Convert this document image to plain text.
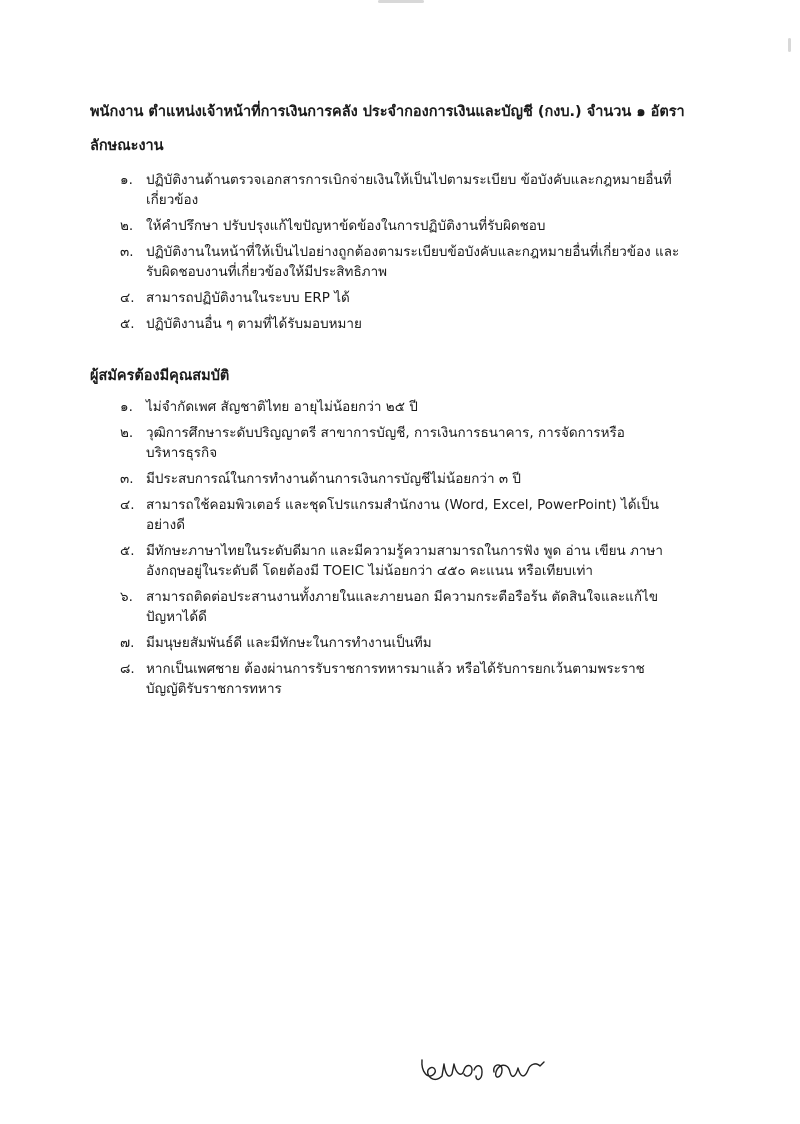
พนักงาน ตำแหน่งเจ้าหน้าที่การเงินการคลัง ประจำกองการเงินและบัญชี (กงบ.) จำนวน ๑ อัตรา
ลักษณะงาน
๑. ปฏิบัติงานด้านตรวจเอกสารการเบิกจ่ายเงินให้เป็นไปตามระเบียบ ข้อบังคับและกฎหมายอื่นที่เกี่ยวข้อง
๒. ให้คำปรึกษา ปรับปรุงแก้ไขปัญหาข้ดข้องในการปฏิบัติงานที่รับผิดชอบ
๓. ปฏิบัติงานในหน้าที่ให้เป็นไปอย่างถูกต้องตามระเบียบข้อบังคับและกฎหมายอื่นที่เกี่ยวข้อง และรับผิดชอบงานที่เกี่ยวข้องให้มีประสิทธิภาพ
๔. สามารถปฏิบัติงานในระบบ ERP ได้
๕. ปฏิบัติงานอื่น ๆ ตามที่ได้รับมอบหมาย
ผู้สมัครต้องมีคุณสมบัติ
๑. ไม่จำกัดเพศ สัญชาติไทย อายุไม่น้อยกว่า ๒๕ ปี
๒. วุฒิการศึกษาระดับปริญญาตรี สาขาการบัญชี, การเงินการธนาคาร, การจัดการหรือบริหารธุรกิจ
๓. มีประสบการณ์ในการทำงานด้านการเงินการบัญชีไม่น้อยกว่า ๓ ปี
๔. สามารถใช้คอมพิวเตอร์ และชุดโปรแกรมสำนักงาน (Word, Excel, PowerPoint) ได้เป็นอย่างดี
๕. มีทักษะภาษาไทยในระดับดีมาก และมีความรู้ความสามารถในการฟัง พูด อ่าน เขียน ภาษาอังกฤษอยู่ในระดับดี โดยต้องมี TOEIC ไม่น้อยกว่า ๔๕๐ คะแนน หรือเทียบเท่า
๖. สามารถติดต่อประสานงานทั้งภายในและภายนอก มีความกระตือรือร้น ตัดสินใจและแก้ไขปัญหาได้ดี
๗. มีมนุษยสัมพันธ์ดี และมีทักษะในการทำงานเป็นทีม
๘. หากเป็นเพศชาย ต้องผ่านการรับราชการทหารมาแล้ว หรือได้รับการยกเว้นตามพระราชบัญญัติรับราชการทหาร
